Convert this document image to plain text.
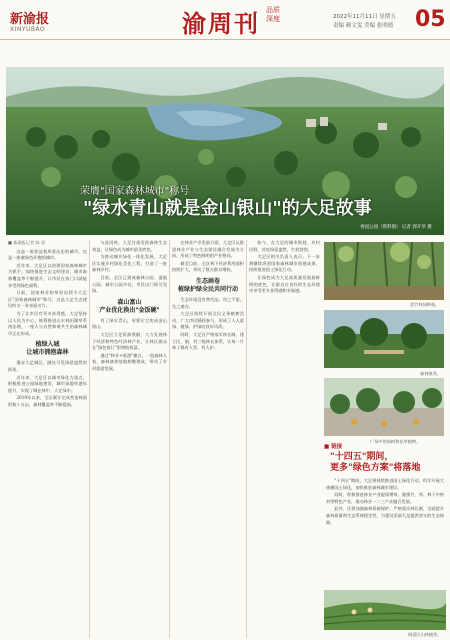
新渝报
XINYUBAO	渝周刊 品质 深度	2022年11月11日 星期五
责编 颜文雯 美编 张明德 05
荣膺"国家森林城市"称号
"绿水青山就是金山银山"的大足故事
香国公园（资料图） 记者 郭开华 摄
■ 新渝报记者 陈 思

这是一座积淀着厚重历史的城市，也是一座被绿色环抱的城市。

近年来，大足区以创建国家森林城市为抓手，加快推进生态文明建设，城市森林覆盖率不断提升，让市民在家门口就能享受到绿色福利。

日前，国家林业和草原局授予大足区"国家森林城市"称号，这是大足生态建设的又一张亮丽名片。

为了让市民有更多获得感，大足坚持以人民为中心，统筹推进山水林田湖草系统治理，一座人与自然和谐共生的森林城市正在形成。

植绿入城
让城市拥抱森林

漫步大足城区，随处可见绿意盎然的街景。

近年来，大足区以城市绿化为重点，积极推进公园绿地建设，城市绿地率逐年提升，实现了城在林中、人在绿中。

2019年以来，全区累计完成营造林面积数十万亩，森林覆盖率不断提高。

与此同时，大足注重发挥森林生态效益，让绿色成为城市最美底色。

为推动城乡绿化一体化发展，大足区实施乡村绿化美化工程，打造了一批森林乡村。

目前，全区已建成森林公园、湿地公园、城市公园多处，市民出门即可见绿。

森山富山
产业优化换出"金饭碗"

有了绿水青山，更要让它变成金山银山。

大足区立足资源禀赋，大力发展林下经济和特色经济林产业，让林区群众在"绿色银行"里增收致富。

通过"林业+旅游"模式，一批森林人家、森林康养基地相继建成，带动了乡村旅游发展。

在林业产业发展方面，大足区以推进林业产业与生态建设融合发展为方向，形成了特色鲜明的产业格局。

截至目前，全区林下经济利用面积持续扩大，带动了数万群众增收。

生态画卷
植绿护绿全民共同行动

生态环境没有替代品，用之不觉，失之难存。

大足区持续开展全民义务植树活动，广大市民踊跃参与，形成了人人爱绿、植绿、护绿的良好风尚。

同时，大足区严格落实林长制，建立区、镇、村三级林长体系，让每一片林子都有人管、有人护。

如今，在大足的城市街巷、乡村田野，处处绿意盎然，生机勃勃。

大足区相关负责人表示，下一步将继续巩固国家森林城市创建成果，持续推进国土绿化行动。

让绿色成为大足高质量发展最鲜明的底色，让群众在良好的生态环境中享受更多获得感和幸福感。

雷竹林间种菇。
森林康养。
广场中的绿树和花草植物。
■ 链接
"十四五"期间，
更多"绿色方案"将落地

"十四五"期间，大足将持续推进国土绿化行动，科学开展大规模国土绿化，加快推进森林城市建设。

同时，积极推进林业产业提质增效，做强竹、笋、林下中药材等特色产业，推动林业一二三产业融合发展。

此外，还将加强森林资源保护，严格落实林长制，全面提升森林质量和生态系统稳定性，为建设美丽大足提供坚实的生态保障。

铜梁区山林植茶。
